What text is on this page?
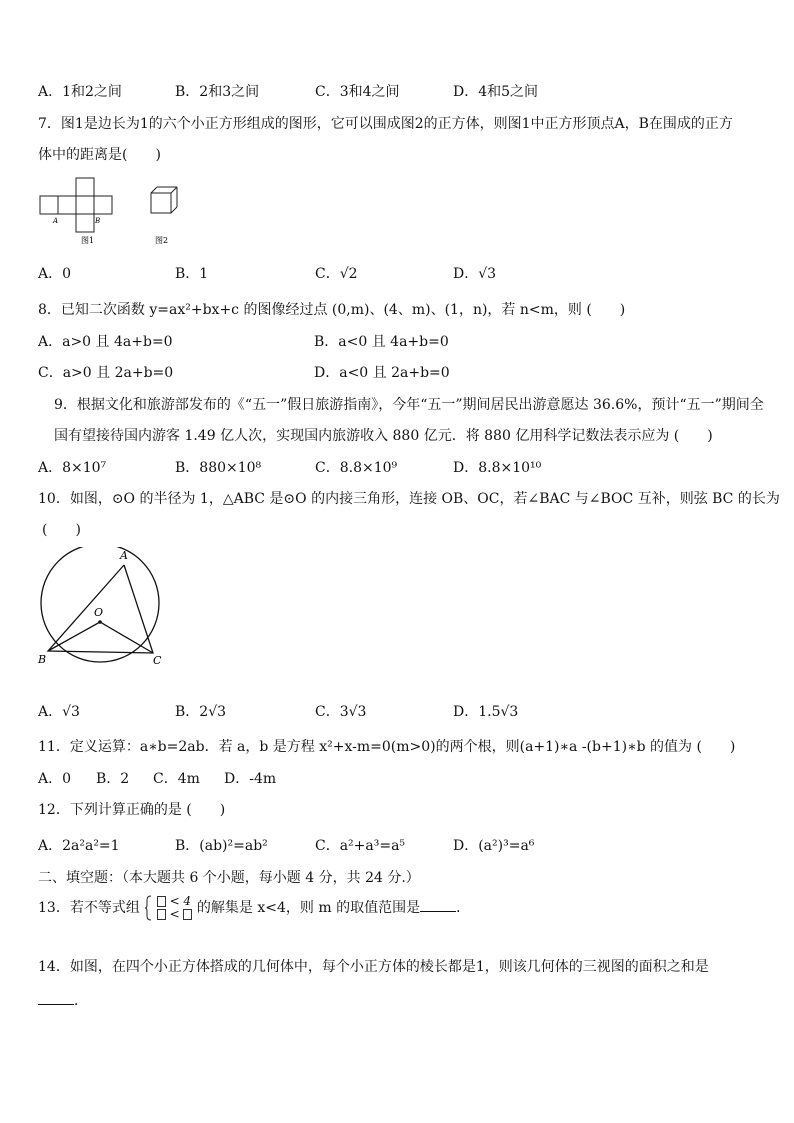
A．1和2之间	B．2和3之间	C．3和4之间	D．4和5之间
7．图1是边长为1的六个小正方形组成的图形，它可以围成图2的正方体，则图1中正方形顶点A，B在围成的正方
体中的距离是(　　)
A	B
图1	图2
A．0	B．1	C．√2	D．√3
8．已知二次函数 y=ax²+bx+c 的图像经过点 (0,m)、(4、m)、(1，n)，若 n<m，则 (　　)
A．a>0 且 4a+b=0	B．a<0 且 4a+b=0
C．a>0 且 2a+b=0	D．a<0 且 2a+b=0
9．根据文化和旅游部发布的《“五一”假日旅游指南》，今年“五一”期间居民出游意愿达 36.6%，预计“五一”期间全
国有望接待国内游客 1.49 亿人次，实现国内旅游收入 880 亿元．将 880 亿用科学记数法表示应为 (　　)
A．8×10⁷	B．880×10⁸	C．8.8×10⁹	D．8.8×10¹⁰
10．如图，⊙O 的半径为 1，△ABC 是⊙O 的内接三角形，连接 OB、OC，若∠BAC 与∠BOC 互补，则弦 BC 的长为
(　　)
A
O
B	C
A．√3	B．2√3	C．3√3	D．1.5√3
11．定义运算：a∗b=2ab．若 a，b 是方程 x²+x-m=0(m>0)的两个根，则(a+1)∗a -(b+1)∗b 的值为 (　　)
A．0 B．2 C．4m D．-4m
12．下列计算正确的是 (　　)
A．2a²a²=1	B．(ab)²=ab²	C．a²+a³=a⁵	D．(a²)³=a⁶
二、填空题：（本大题共 6 个小题，每小题 4 分，共 24 分.）
13．若不等式组	< 4
<	的解集是 x<4，则 m 的取值范围是	．
14．如图，在四个小正方体搭成的几何体中，每个小正方体的棱长都是1，则该几何体的三视图的面积之和是
．
